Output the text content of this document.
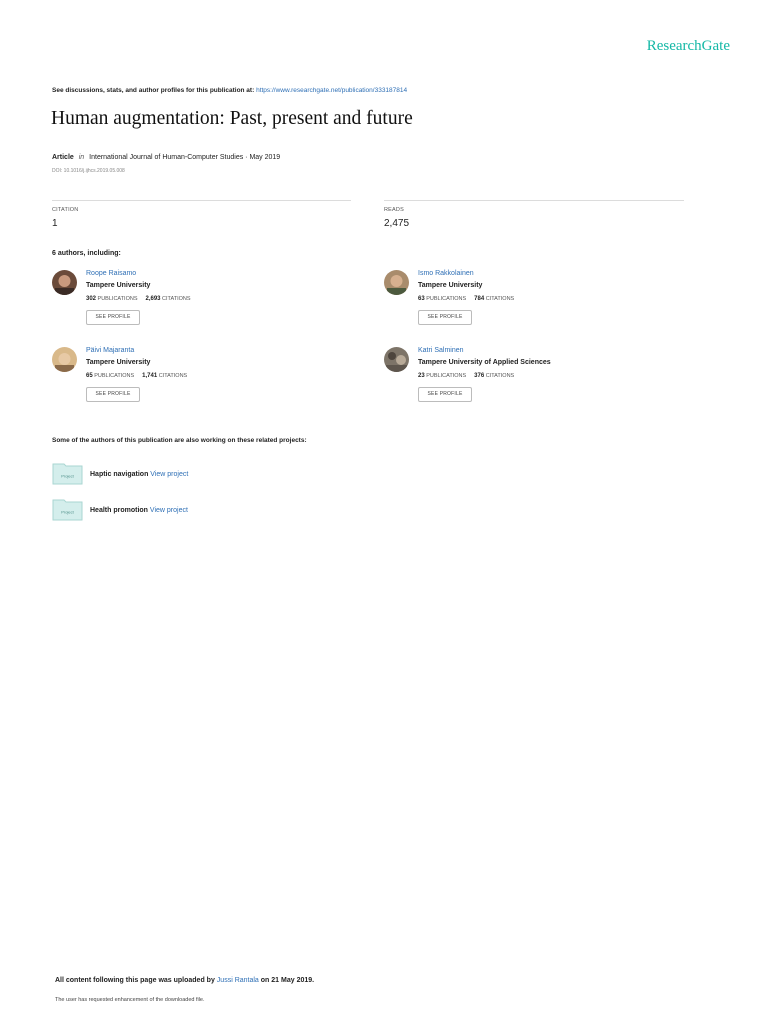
ResearchGate
See discussions, stats, and author profiles for this publication at: https://www.researchgate.net/publication/333187814
Human augmentation: Past, present and future
Article in International Journal of Human-Computer Studies · May 2019
DOI: 10.1016/j.ijhcs.2019.05.008
CITATION
1
READS
2,475
6 authors, including:
Roope Raisamo
Tampere University
302 PUBLICATIONS 2,693 CITATIONS
SEE PROFILE
Ismo Rakkolainen
Tampere University
63 PUBLICATIONS 784 CITATIONS
SEE PROFILE
Päivi Majaranta
Tampere University
65 PUBLICATIONS 1,741 CITATIONS
SEE PROFILE
Katri Salminen
Tampere University of Applied Sciences
23 PUBLICATIONS 376 CITATIONS
SEE PROFILE
Some of the authors of this publication are also working on these related projects:
Project Haptic navigation View project
Project Health promotion View project
All content following this page was uploaded by Jussi Rantala on 21 May 2019.
The user has requested enhancement of the downloaded file.
